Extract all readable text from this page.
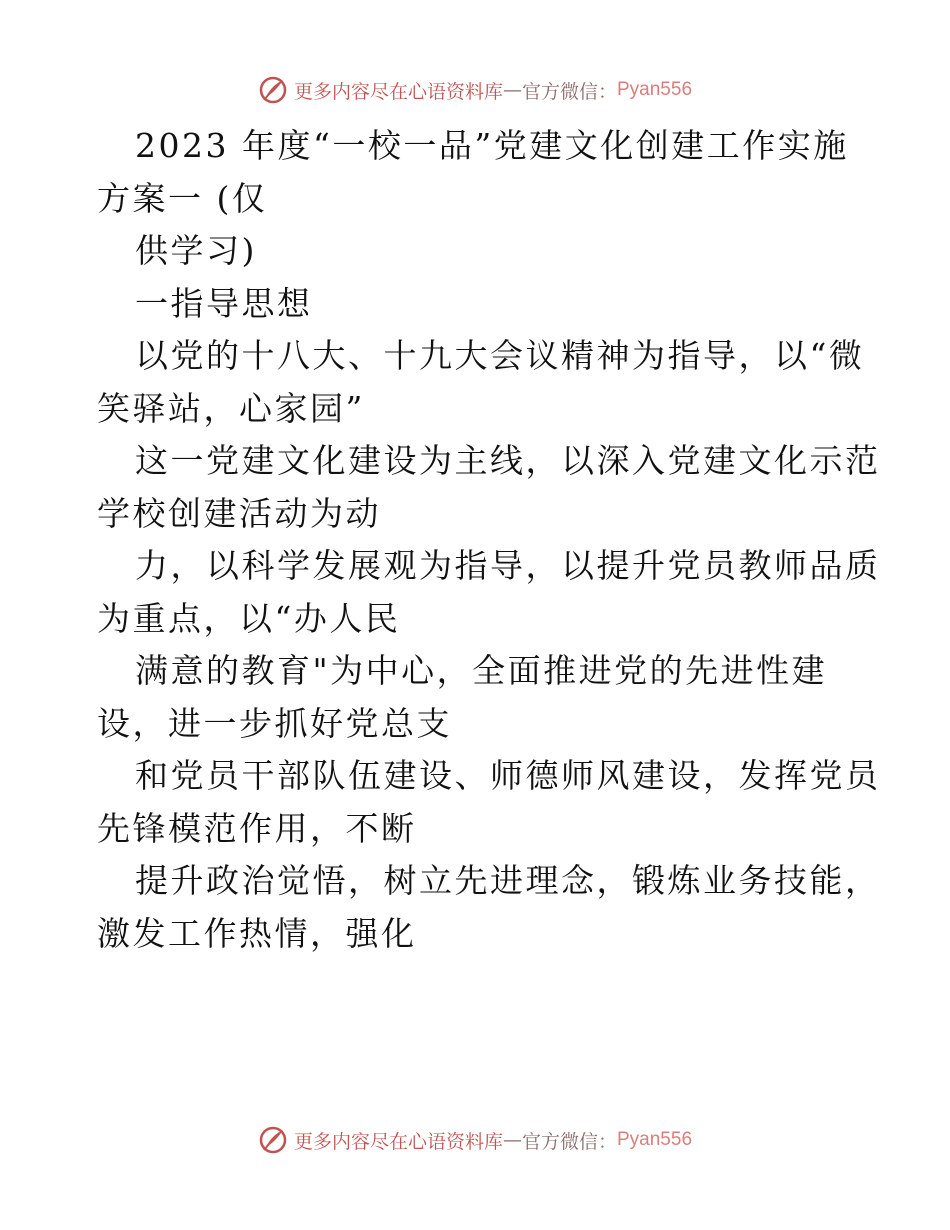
更多内容尽在心语资料库 — 官方微信： Pyan556
2023 年度“一校一品”党建文化创建工作实施
方案一 (仅
供学习)
一指导思想
以党的十八大、十九大会议精神为指导，以“微
笑驿站，心家园”
这一党建文化建设为主线，以深入党建文化示范
学校创建活动为动
力，以科学发展观为指导，以提升党员教师品质
为重点，以“办人民
满意的教育"为中心，全面推进党的先进性建
设，进一步抓好党总支
和党员干部队伍建设、师德师风建设，发挥党员
先锋模范作用，不断
提升政治觉悟，树立先进理念，锻炼业务技能，
激发工作热情，强化
更多内容尽在心语资料库 — 官方微信： Pyan556
